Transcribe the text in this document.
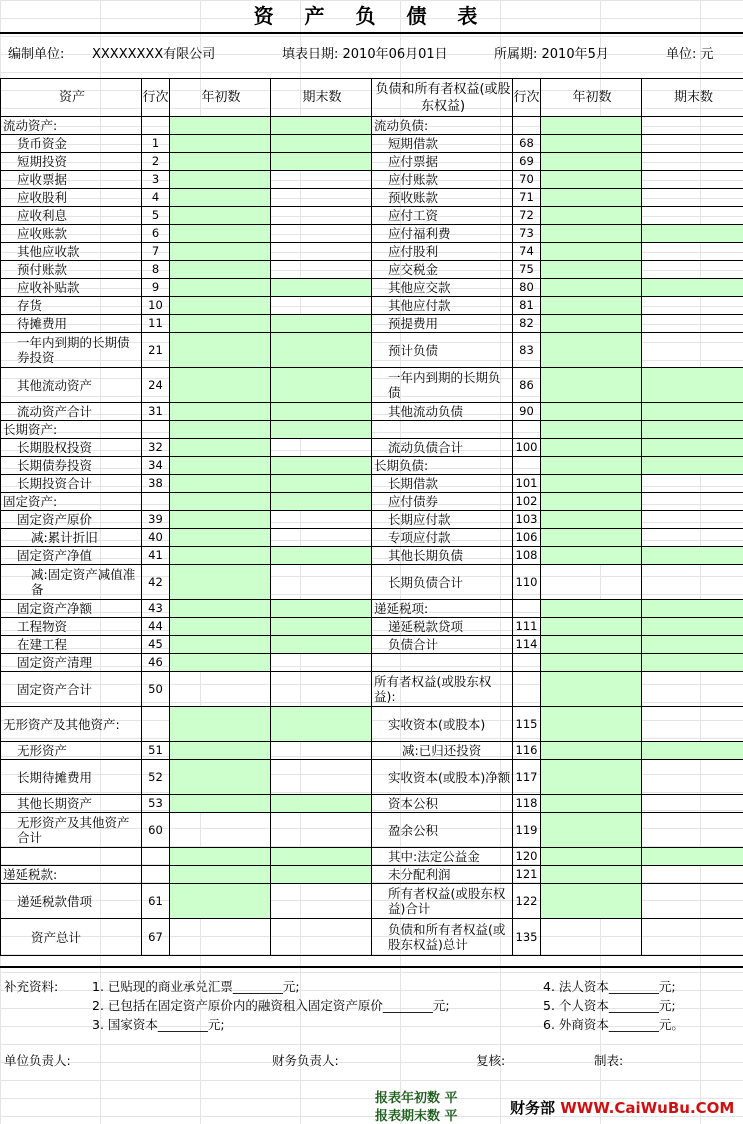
资 产 负 债 表
编制单位: XXXXXXXX有限公司	填表日期: 2010年06月01日	所属期: 2010年5月	单位: 元
资产	行次	年初数	期末数	负债和所有者权益(或股东权益)	行次	年初数	期末数
流动资产:				流动负债:			
货币资金	1			短期借款	68		
短期投资	2			应付票据	69		
应收票据	3			应付账款	70		
应收股利	4			预收账款	71		
应收利息	5			应付工资	72		
应收账款	6			应付福利费	73		
其他应收款	7			应付股利	74		
预付账款	8			应交税金	75		
应收补贴款	9			其他应交款	80		
存货	10			其他应付款	81		
待摊费用	11			预提费用	82		
一年内到期的长期债券投资	21			预计负债	83		
其他流动资产	24			一年内到期的长期负债	86		
流动资产合计	31			其他流动负债	90		
长期资产:							
长期股权投资	32			流动负债合计	100		
长期债券投资	34			长期负债:			
长期投资合计	38			长期借款	101		
固定资产:				应付债券	102		
固定资产原价	39			长期应付款	103		
减:累计折旧	40			专项应付款	106		
固定资产净值	41			其他长期负债	108		
减:固定资产减值准备	42			长期负债合计	110		
固定资产净额	43			递延税项:			
工程物资	44			递延税款贷项	111		
在建工程	45			负债合计	114		
固定资产清理	46						
固定资产合计	50			所有者权益(或股东权益):			
无形资产及其他资产:				实收资本(或股本)	115		
无形资产	51			减:已归还投资	116		
长期待摊费用	52			实收资本(或股本)净额	117		
其他长期资产	53			资本公积	118		
无形资产及其他资产合计	60			盈余公积	119		
				其中:法定公益金	120		
递延税款:				未分配利润	121		
递延税款借项	61			所有者权益(或股东权益)合计	122		
资产总计	67			负债和所有者权益(或股东权益)总计	135		
补充资料:	1. 已贴现的商业承兑汇票________元;
2. 已包括在固定资产原价内的融资租入固定资产原价________元;
3. 国家资本________元;
4. 法人资本________元;
5. 个人资本________元;
6. 外商资本________元。
单位负责人:	财务负责人:	复核:	制表:
报表年初数 平
报表期末数 平	财务部 WWW.CaiWuBu.COM
